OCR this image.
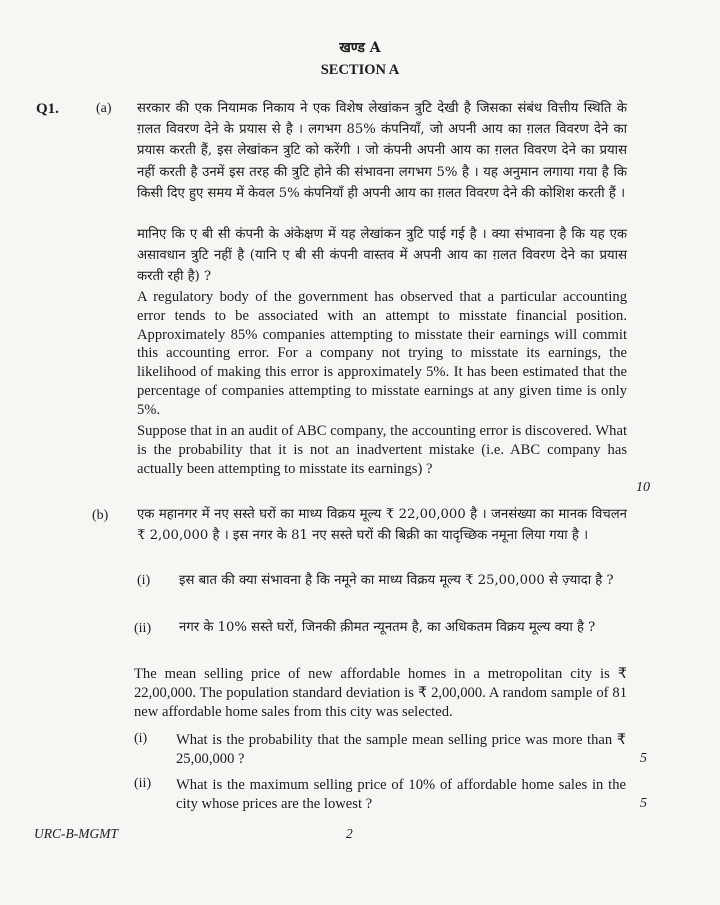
खण्ड A
SECTION A
Q1.	(a) सरकार की एक नियामक निकाय ने एक विशेष लेखांकन त्रुटि देखी है जिसका संबंध वित्तीय स्थिति के ग़लत विवरण देने के प्रयास से है । लगभग 85% कंपनियाँ, जो अपनी आय का ग़लत विवरण देने का प्रयास करती हैं, इस लेखांकन त्रुटि को करेंगी । जो कंपनी अपनी आय का ग़लत विवरण देने का प्रयास नहीं करती है उनमें इस तरह की त्रुटि होने की संभावना लगभग 5% है । यह अनुमान लगाया गया है कि किसी दिए हुए समय में केवल 5% कंपनियाँ ही अपनी आय का ग़लत विवरण देने की कोशिश करती हैं ।
मानिए कि ए बी सी कंपनी के अंकेक्षण में यह लेखांकन त्रुटि पाई गई है । क्या संभावना है कि यह एक असावधान त्रुटि नहीं है (यानि ए बी सी कंपनी वास्तव में अपनी आय का ग़लत विवरण देने का प्रयास करती रही है) ?
A regulatory body of the government has observed that a particular accounting error tends to be associated with an attempt to misstate financial position. Approximately 85% companies attempting to misstate their earnings will commit this accounting error. For a company not trying to misstate its earnings, the likelihood of making this error is approximately 5%. It has been estimated that the percentage of companies attempting to misstate earnings at any given time is only 5%.
Suppose that in an audit of ABC company, the accounting error is discovered. What is the probability that it is not an inadvertent mistake (i.e. ABC company has actually been attempting to misstate its earnings) ?
10
(b) एक महानगर में नए सस्ते घरों का माध्य विक्रय मूल्य ₹ 22,00,000 है । जनसंख्या का मानक विचलन ₹ 2,00,000 है । इस नगर के 81 नए सस्ते घरों की बिक्री का यादृच्छिक नमूना लिया गया है ।
(i) इस बात की क्या संभावना है कि नमूने का माध्य विक्रय मूल्य ₹ 25,00,000 से ज़्यादा है ?
(ii) नगर के 10% सस्ते घरों, जिनकी क़ीमत न्यूनतम है, का अधिकतम विक्रय मूल्य क्या है ?
The mean selling price of new affordable homes in a metropolitan city is ₹ 22,00,000. The population standard deviation is ₹ 2,00,000. A random sample of 81 new affordable home sales from this city was selected.
(i) What is the probability that the sample mean selling price was more than ₹ 25,00,000 ?	5
(ii) What is the maximum selling price of 10% of affordable home sales in the city whose prices are the lowest ?	5
URC-B-MGMT	2
